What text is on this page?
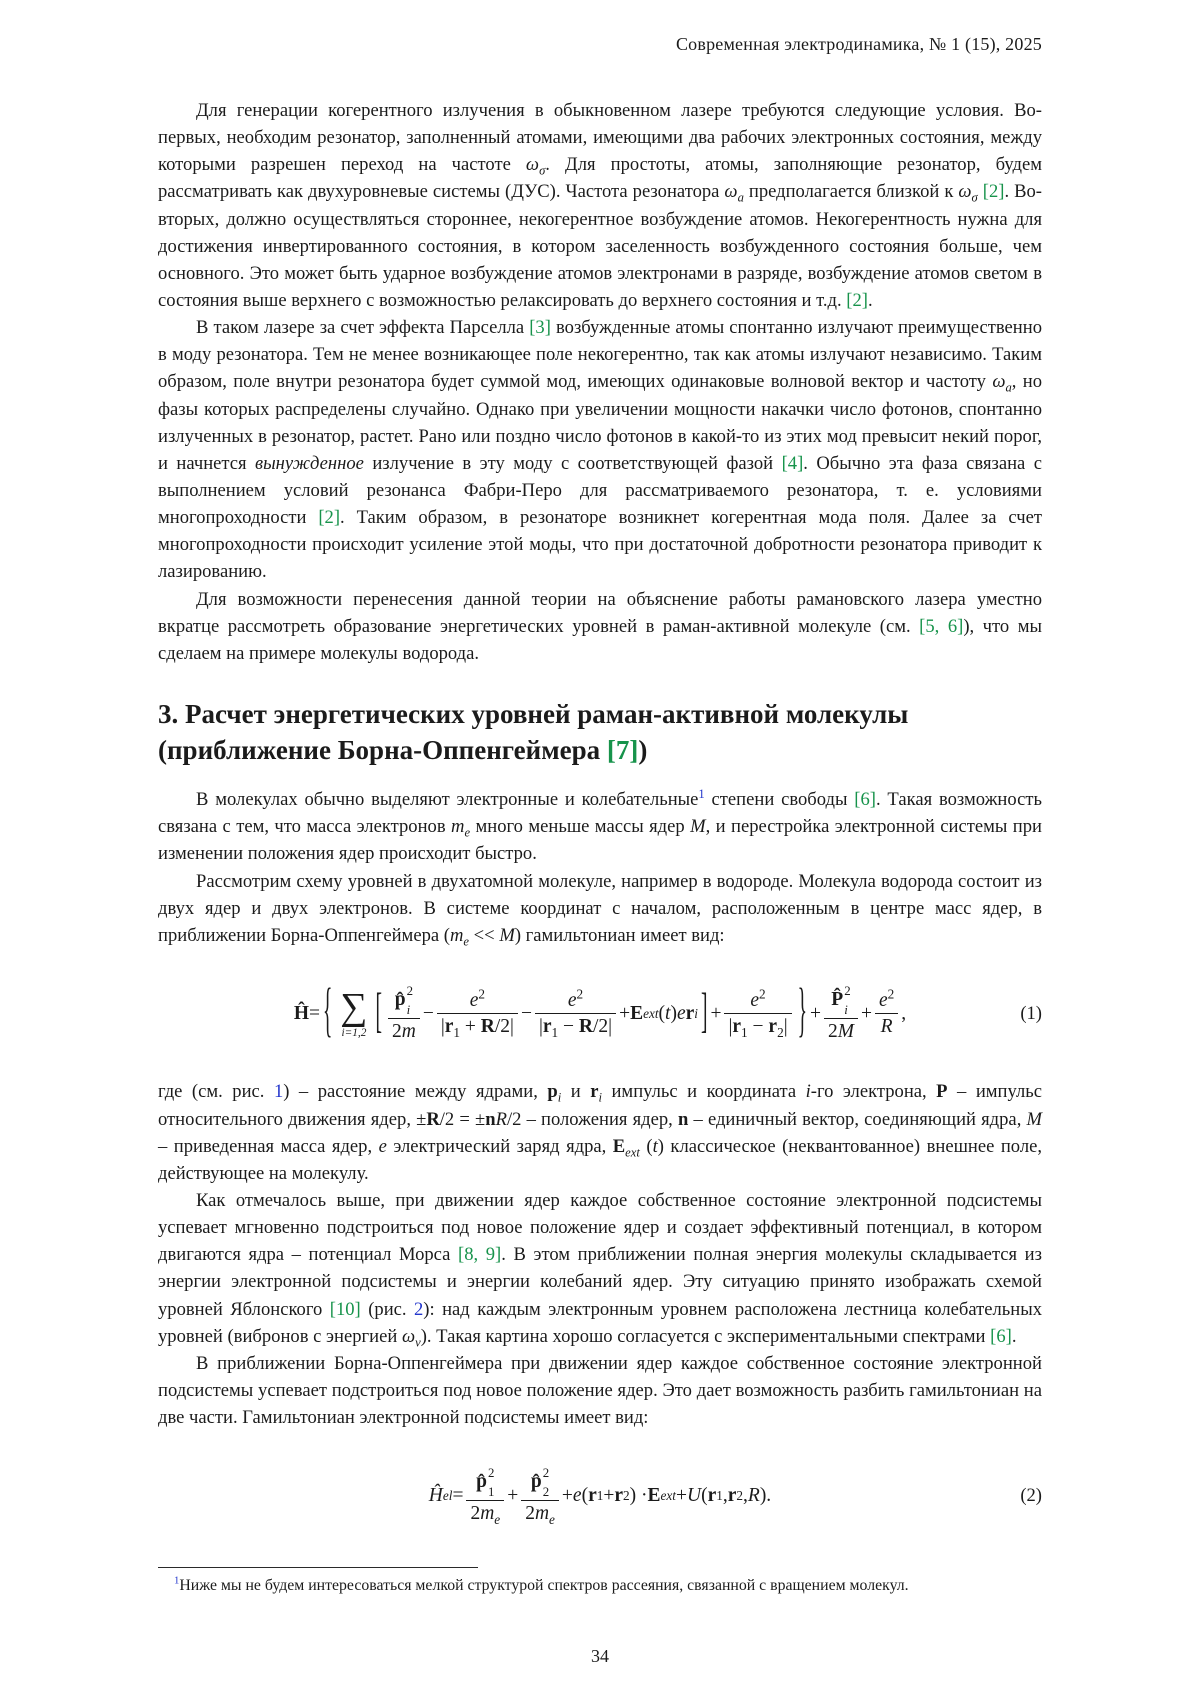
Современная электродинамика, № 1 (15), 2025

Для генерации когерентного излучения в обыкновенном лазере требуются следующие условия. Во-первых, необходим резонатор, заполненный атомами, имеющими два рабочих электронных состояния, между которыми разрешен переход на частоте $\omega_\sigma$. Для простоты, атомы, заполняющие резонатор, будем рассматривать как двухуровневые системы (ДУС). Частота резонатора $\omega_a$ предполагается близкой к $\omega_\sigma$ [2]. Во-вторых, должно осуществляться стороннее, некогерентное возбуждение атомов. Некогерентность нужна для достижения инвертированного состояния, в котором заселенность возбужденного состояния больше, чем основного. Это может быть ударное возбуждение атомов электронами в разряде, возбуждение атомов светом в состояния выше верхнего с возможностью релаксировать до верхнего состояния и т.д. [2].

В таком лазере за счет эффекта Парселла [3] возбужденные атомы спонтанно излучают преимущественно в моду резонатора. Тем не менее возникающее поле некогерентно, так как атомы излучают независимо. Таким образом, поле внутри резонатора будет суммой мод, имеющих одинаковые волновой вектор и частоту $\omega_a$, но фазы которых распределены случайно. Однако при увеличении мощности накачки число фотонов, спонтанно излученных в резонатор, растет. Рано или поздно число фотонов в какой-то из этих мод превысит некий порог, и начнется вынужденное излучение в эту моду с соответствующей фазой [4]. Обычно эта фаза связана с выполнением условий резонанса Фабри-Перо для рассматриваемого резонатора, т. е. условиями многопроходности [2]. Таким образом, в резонаторе возникнет когерентная мода поля. Далее за счет многопроходности происходит усиление этой моды, что при достаточной добротности резонатора приводит к лазированию.

Для возможности перенесения данной теории на объяснение работы рамановского лазера уместно вкратце рассмотреть образование энергетических уровней в раман-активной молекуле (см. [5, 6]), что мы сделаем на примере молекулы водорода.

3. Расчет энергетических уровней раман-активной молекулы (приближение Борна-Оппенгеймера [7])

В молекулах обычно выделяют электронные и колебательные$^1$ степени свободы [6]. Такая возможность связана с тем, что масса электронов $m_e$ много меньше массы ядер M, и перестройка электронной системы при изменении положения ядер происходит быстро.

Рассмотрим схему уровней в двухатомной молекуле, например в водороде. Молекула водорода состоит из двух ядер и двух электронов. В системе координат с началом, расположенным в центре масс ядер, в приближении Борна-Оппенгеймера $(m_e << M)$ гамильтониан имеет вид:

Ĥ = { ∑
i=1,2 [ p̂ 2
i
$2m - \frac{e^2}{|r_1 + R/2|} - \frac{e^2}{|r_1 - R/2|} + E$ ext ( t ) e r i ] + $\frac{e^2}{|r_1 - r_2|}$ } + P̂ 2
i
$2M + \frac{e^2}{R}$ ,	(1)

где (см. рис. 1) – расстояние между ядрами, $p_i$ и $r_i$ импульс и координата i-го электрона, P – импульс относительного движения ядер, ±R/2 = ±nR/2 – положения ядер, n – единичный вектор, соединяющий ядра, M – приведенная масса ядер, e электрический заряд ядра, $E_{ext}$ (t) классическое (неквантованное) внешнее поле, действующее на молекулу.

Как отмечалось выше, при движении ядер каждое собственное состояние электронной подсистемы успевает мгновенно подстроиться под новое положение ядер и создает эффективный потенциал, в котором двигаются ядра – потенциал Морса [8, 9]. В этом приближении полная энергия молекулы складывается из энергии электронной подсистемы и энергии колебаний ядер. Эту ситуацию принято изображать схемой уровней Яблонского [10] (рис. 2): над каждым электронным уровнем расположена лестница колебательных уровней (вибронов с энергией $\omega_v$). Такая картина хорошо согласуется с экспериментальными спектрами [6].

В приближении Борна-Оппенгеймера при движении ядер каждое собственное состояние электронной подсистемы успевает подстроиться под новое положение ядер. Это дает возможность разбить гамильтониан на две части. Гамильтониан электронной подсистемы имеет вид:

Ĥ el = p̂ 2
1
$2m_e$ + p̂ 2
2
$2m_e + e$ ( r 1 + r 2 ) · E ext + U ( r 1 , r 2 , R ).	(2)

$^1$Ниже мы не будем интересоваться мелкой структурой спектров рассеяния, связанной с вращением молекул.

34
